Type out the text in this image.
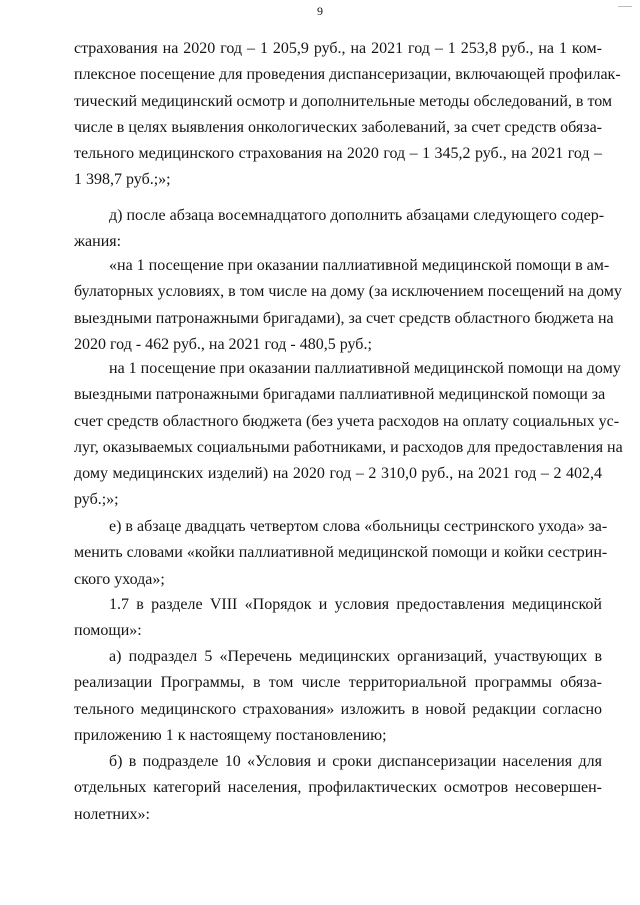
9
страхования на 2020 год – 1 205,9 руб., на 2021 год – 1 253,8 руб., на 1 ком-
плексное посещение для проведения диспансеризации, включающей профилак-
тический медицинский осмотр и дополнительные методы обследований, в том
числе в целях выявления онкологических заболеваний, за счет средств обяза-
тельного медицинского страхования на 2020 год – 1 345,2 руб., на 2021 год –
1 398,7 руб.;»;
д) после абзаца восемнадцатого дополнить абзацами следующего содер-
жания:
«на 1 посещение при оказании паллиативной медицинской помощи в ам-
булаторных условиях, в том числе на дому (за исключением посещений на дому
выездными патронажными бригадами), за счет средств областного бюджета на
2020 год - 462 руб., на 2021 год - 480,5 руб.;
на 1 посещение при оказании паллиативной медицинской помощи на дому
выездными патронажными бригадами паллиативной медицинской помощи за
счет средств областного бюджета (без учета расходов на оплату социальных ус-
луг, оказываемых социальными работниками, и расходов для предоставления на
дому медицинских изделий) на 2020 год – 2 310,0 руб., на 2021 год – 2 402,4
руб.;»;
е) в абзаце двадцать четвертом слова «больницы сестринского ухода» за-
менить словами «койки паллиативной медицинской помощи и койки сестрин-
ского ухода»;
1.7 в разделе VIII «Порядок и условия предоставления медицинской
помощи»:
а) подраздел 5 «Перечень медицинских организаций, участвующих в
реализации Программы, в том числе территориальной программы обяза-
тельного медицинского страхования» изложить в новой редакции согласно
приложению 1 к настоящему постановлению;
б) в подразделе 10 «Условия и сроки диспансеризации населения для
отдельных категорий населения, профилактических осмотров несовершен-
нолетних»:
